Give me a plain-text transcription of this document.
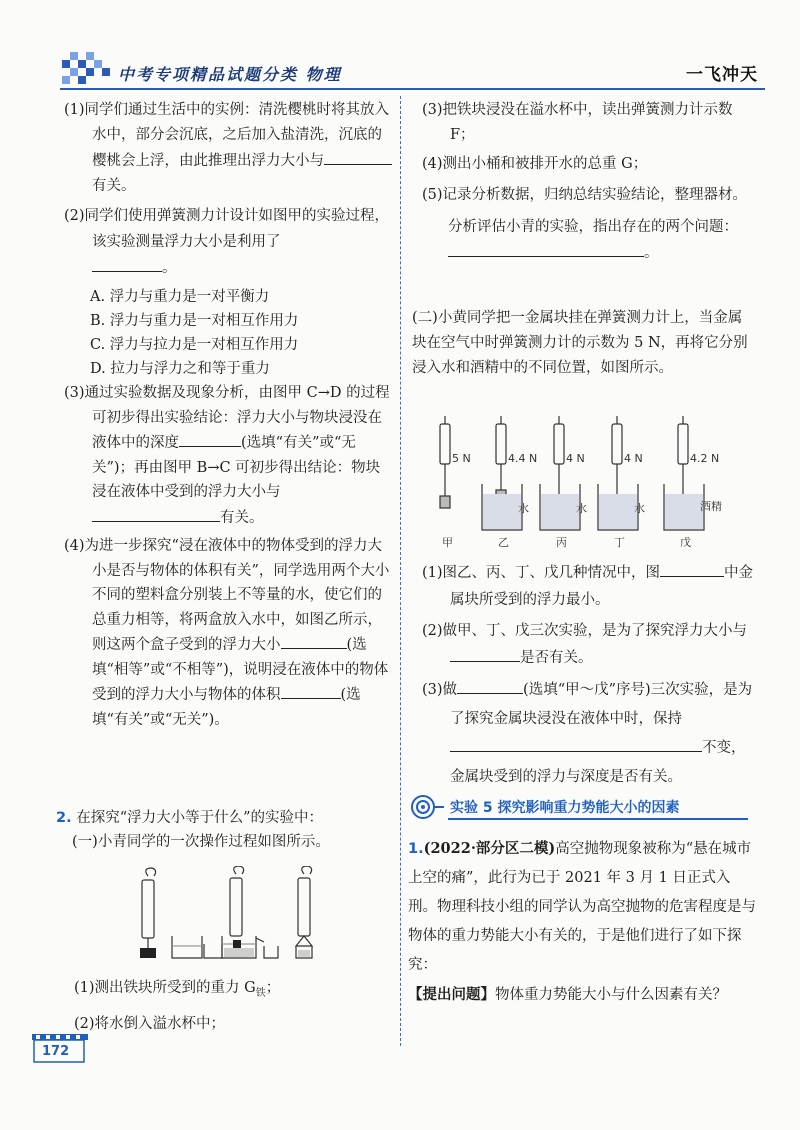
中考专项精品试题分类 物理	一飞冲天

(1)同学们通过生活中的实例：清洗樱桃时将其放入水中，部分会沉底，之后加入盐清洗，沉底的樱桃会上浮，由此推理出浮力大小与有关。

(2)同学们使用弹簧测力计设计如图甲的实验过程，该实验测量浮力大小是利用了
。

A. 浮力与重力是一对平衡力

B. 浮力与重力是一对相互作用力

C. 浮力与拉力是一对相互作用力

D. 拉力与浮力之和等于重力

(3)通过实验数据及现象分析，由图甲 C→D 的过程可初步得出实验结论：浮力大小与物块浸没在液体中的深度	(选填“有关”或“无关”)；再由图甲 B→C 可初步得出结论：物块浸在液体中受到的浮力大小与有关。

(4)为进一步探究“浸在液体中的物体受到的浮力大小是否与物体的体积有关”，同学选用两个大小不同的塑料盒分别装上不等量的水，使它们的总重力相等，将两盒放入水中，如图乙所示，则这两个盒子受到的浮力大小	(选填“相等”或“不相等”)，说明浸在液体中的物体受到的浮力大小与物体的体积	(选填“有关”或“无关”)。

2. 在探究“浮力大小等于什么”的实验中：

(一)小青同学的一次操作过程如图所示。

(1)测出铁块所受到的重力 $G_铁$；

(2)将水倒入溢水杯中；

(3)把铁块浸没在溢水杯中，读出弹簧测力计示数 F；

(4)测出小桶和被排开水的总重 G；

(5)记录分析数据，归纳总结实验结论，整理器材。

分析评估小青的实验，指出存在的两个问题：。

(二)小黄同学把一金属块挂在弹簧测力计上，当金属块在空气中时弹簧测力计的示数为 5 N，再将它分别浸入水和酒精中的不同位置，如图所示。

5 N
甲
水
4.4 N
乙
水
4 N
丙
水
4 N
丁
酒精
4.2 N
戊

(1)图乙、丙、丁、戊几种情况中，图	中金属块所受到的浮力最小。

(2)做甲、丁、戊三次实验，是为了探究浮力大小与是否有关。

(3)做	(选填“甲～戊”序号)三次实验，是为了探究金属块浸没在液体中时，保持不变，金属块受到的浮力与深度是否有关。

实验 5 探究影响重力势能大小的因素

1.(2022·部分区二模)高空抛物现象被称为“悬在城市上空的痛”，此行为已于 2021 年 3 月 1 日正式入刑。物理科技小组的同学认为高空抛物的危害程度是与物体的重力势能大小有关的，于是他们进行了如下探究：

【提出问题】物体重力势能大小与什么因素有关？

172
